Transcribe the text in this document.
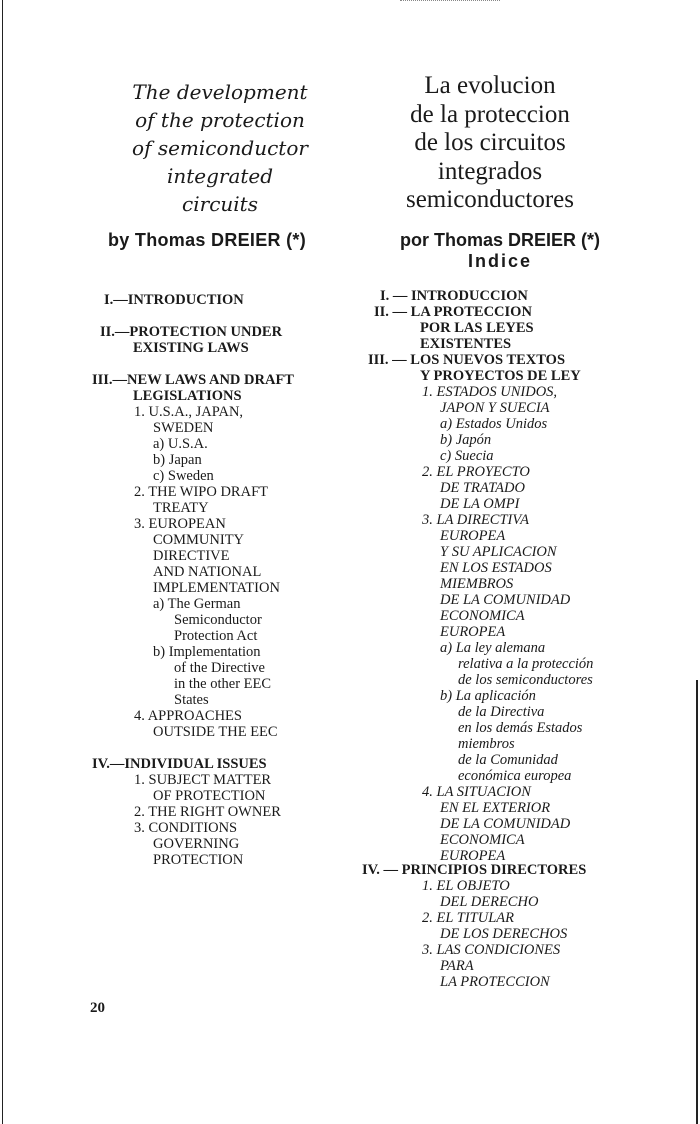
The development
of the protection
of semiconductor
integrated
circuits
La evolucion
de la proteccion
de los circuitos
integrados
semiconductores
by Thomas DREIER (*)	por Thomas DREIER (*)
Indice
I.—INTRODUCTION
II.—PROTECTION UNDER
EXISTING LAWS
III.—NEW LAWS AND DRAFT
LEGISLATIONS
1. U.S.A., JAPAN,
SWEDEN
a) U.S.A.
b) Japan
c) Sweden
2. THE WIPO DRAFT
TREATY
3. EUROPEAN
COMMUNITY
DIRECTIVE
AND NATIONAL
IMPLEMENTATION
a) The German
Semiconductor
Protection Act
b) Implementation
of the Directive
in the other EEC
States
4. APPROACHES
OUTSIDE THE EEC
IV.—INDIVIDUAL ISSUES
1. SUBJECT MATTER
OF PROTECTION
2. THE RIGHT OWNER
3. CONDITIONS
GOVERNING
PROTECTION
I. — INTRODUCCION
II. — LA PROTECCION
POR LAS LEYES
EXISTENTES
III. — LOS NUEVOS TEXTOS
Y PROYECTOS DE LEY
1. ESTADOS UNIDOS,
JAPON Y SUECIA
a) Estados Unidos
b) Japón
c) Suecia
2. EL PROYECTO
DE TRATADO
DE LA OMPI
3. LA DIRECTIVA
EUROPEA
Y SU APLICACION
EN LOS ESTADOS
MIEMBROS
DE LA COMUNIDAD
ECONOMICA
EUROPEA
a) La ley alemana
relativa a la protección
de los semiconductores
b) La aplicación
de la Directiva
en los demás Estados
miembros
de la Comunidad
económica europea
4. LA SITUACION
EN EL EXTERIOR
DE LA COMUNIDAD
ECONOMICA
EUROPEA
IV. — PRINCIPIOS DIRECTORES
1. EL OBJETO
DEL DERECHO
2. EL TITULAR
DE LOS DERECHOS
3. LAS CONDICIONES
PARA
LA PROTECCION
20
